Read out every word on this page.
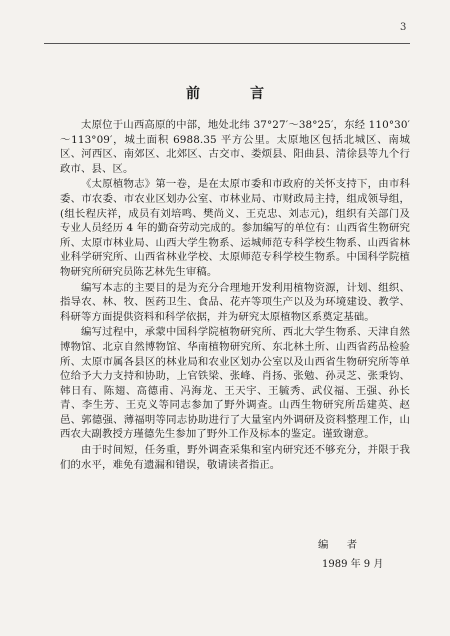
3
前　言

太原位于山西高原的中部，地处北纬 37°27′～38°25′，东经 110°30′～113°09′，城土面积 6988.35 平方公里。太原地区包括北城区、南城区、河西区、南郊区、北郊区、古交市、娄烦县、阳曲县、清徐县等九个行政市、县、区。

《太原植物志》第一卷，是在太原市委和市政府的关怀支持下，由市科委、市农委、市农业区划办公室、市林业局、市财政局主持，组成领导组，(组长程庆祥，成员有刘培鸣、樊尚义、王克忠、刘志元)，组织有关部门及专业人员经历 4 年的勤奋劳动完成的。参加编写的单位有：山西省生物研究所、太原市林业局、山西大学生物系、运城师范专科学校生物系、山西省林业科学研究所、山西省林业学校、太原师范专科学校生物系。中国科学院植物研究所研究员陈艺林先生审稿。

编写本志的主要目的是为充分合理地开发利用植物资源，计划、组织、指导农、林、牧、医药卫生、食品、花卉等项生产以及为环境建设、教学、科研等方面提供资料和科学依据，并为研究太原植物区系奠定基础。

编写过程中，承蒙中国科学院植物研究所、西北大学生物系、天津自然博物馆、北京自然博物馆、华南植物研究所、东北林土所、山西省药品检验所、太原市属各县区的林业局和农业区划办公室以及山西省生物研究所等单位给予大力支持和协助，上官铁梁、张峰、肖扬、张勉、孙灵芝、张秉钧、韩日有、陈翅、高德甫、冯海龙、王天宇、王毓秀、武仪福、王强、孙长青、李生芳、王克义等同志参加了野外调查。山西生物研究所岳建英、赵邑、郭德强、薄福明等同志协助进行了大量室内外调研及资料整理工作，山西农大副教授方瑾德先生参加了野外工作及标本的鉴定。谨致谢意。

由于时间短，任务重，野外调查采集和室内研究还不够充分，并限于我们的水平，难免有遗漏和错误，敬请读者指正。

编　者
1989 年 9 月
